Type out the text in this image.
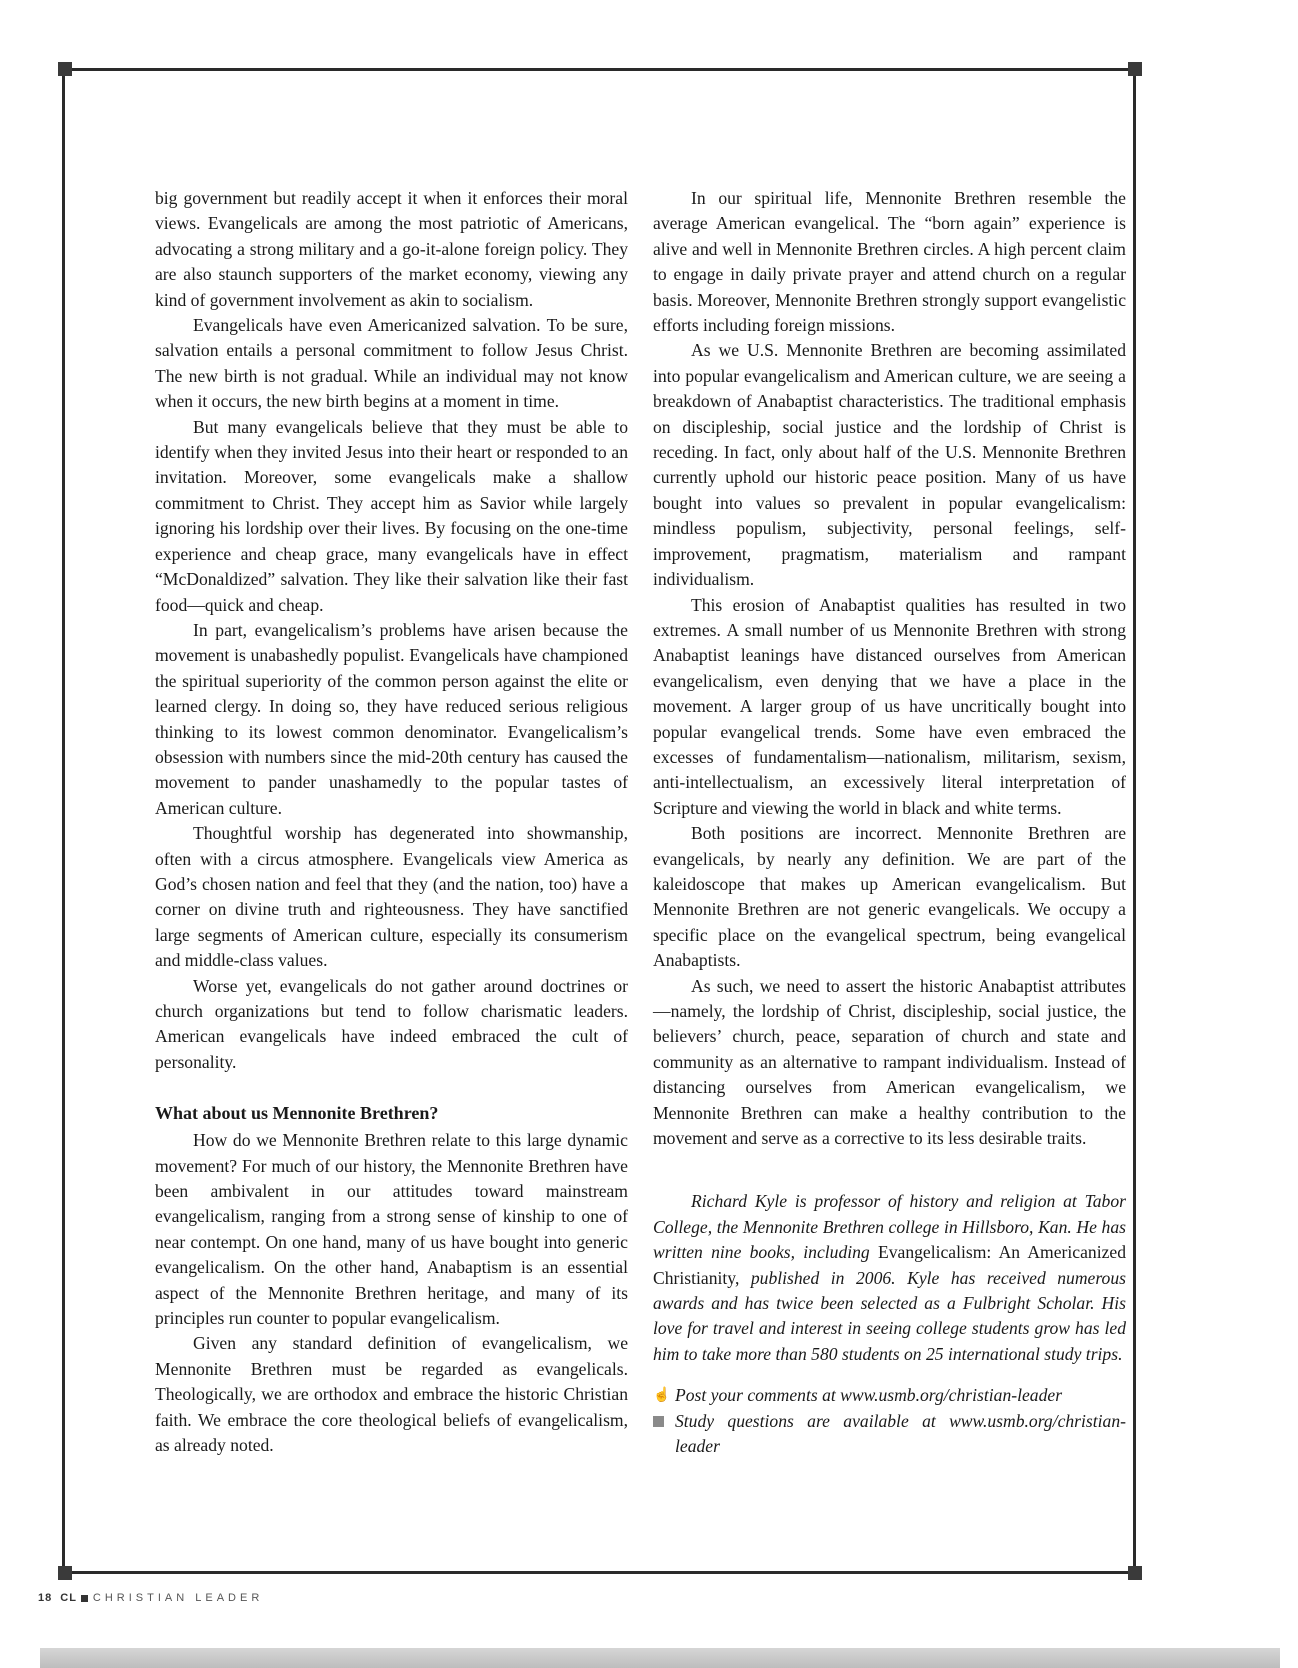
big government but readily accept it when it enforces their moral views. Evangelicals are among the most patriotic of Americans, advocating a strong military and a go-it-alone foreign policy. They are also staunch supporters of the market economy, viewing any kind of government involvement as akin to socialism.

Evangelicals have even Americanized salvation. To be sure, salvation entails a personal commitment to follow Jesus Christ. The new birth is not gradual. While an individual may not know when it occurs, the new birth begins at a moment in time.

But many evangelicals believe that they must be able to identify when they invited Jesus into their heart or responded to an invitation. Moreover, some evangelicals make a shallow commitment to Christ. They accept him as Savior while largely ignoring his lordship over their lives. By focusing on the one-time experience and cheap grace, many evangelicals have in effect “McDonaldized” salvation. They like their salvation like their fast food—quick and cheap.

In part, evangelicalism’s problems have arisen because the movement is unabashedly populist. Evangelicals have championed the spiritual superiority of the common person against the elite or learned clergy. In doing so, they have reduced serious religious thinking to its lowest common denominator. Evangelicalism’s obsession with numbers since the mid-20th century has caused the movement to pander unashamedly to the popular tastes of American culture.

Thoughtful worship has degenerated into showmanship, often with a circus atmosphere. Evangelicals view America as God’s chosen nation and feel that they (and the nation, too) have a corner on divine truth and righteousness. They have sanctified large segments of American culture, especially its consumerism and middle-class values.

Worse yet, evangelicals do not gather around doctrines or church organizations but tend to follow charismatic leaders. American evangelicals have indeed embraced the cult of personality.

What about us Mennonite Brethren?

How do we Mennonite Brethren relate to this large dynamic movement? For much of our history, the Mennonite Brethren have been ambivalent in our attitudes toward mainstream evangelicalism, ranging from a strong sense of kinship to one of near contempt. On one hand, many of us have bought into generic evangelicalism. On the other hand, Anabaptism is an essential aspect of the Mennonite Brethren heritage, and many of its principles run counter to popular evangelicalism.

Given any standard definition of evangelicalism, we Mennonite Brethren must be regarded as evangelicals. Theologically, we are orthodox and embrace the historic Christian faith. We embrace the core theological beliefs of evangelicalism, as already noted.

In our spiritual life, Mennonite Brethren resemble the average American evangelical. The “born again” experience is alive and well in Mennonite Brethren circles. A high percent claim to engage in daily private prayer and attend church on a regular basis. Moreover, Mennonite Brethren strongly support evangelistic efforts including foreign missions.

As we U.S. Mennonite Brethren are becoming assimilated into popular evangelicalism and American culture, we are seeing a breakdown of Anabaptist characteristics. The traditional emphasis on discipleship, social justice and the lordship of Christ is receding. In fact, only about half of the U.S. Mennonite Brethren currently uphold our historic peace position. Many of us have bought into values so prevalent in popular evangelicalism: mindless populism, subjectivity, personal feelings, self-improvement, pragmatism, materialism and rampant individualism.

This erosion of Anabaptist qualities has resulted in two extremes. A small number of us Mennonite Brethren with strong Anabaptist leanings have distanced ourselves from American evangelicalism, even denying that we have a place in the movement. A larger group of us have uncritically bought into popular evangelical trends. Some have even embraced the excesses of fundamentalism—nationalism, militarism, sexism, anti-intellectualism, an excessively literal interpretation of Scripture and viewing the world in black and white terms.

Both positions are incorrect. Mennonite Brethren are evangelicals, by nearly any definition. We are part of the kaleidoscope that makes up American evangelicalism. But Mennonite Brethren are not generic evangelicals. We occupy a specific place on the evangelical spectrum, being evangelical Anabaptists.

As such, we need to assert the historic Anabaptist attributes—namely, the lordship of Christ, discipleship, social justice, the believers’ church, peace, separation of church and state and community as an alternative to rampant individualism. Instead of distancing ourselves from American evangelicalism, we Mennonite Brethren can make a healthy contribution to the movement and serve as a corrective to its less desirable traits.

Richard Kyle is professor of history and religion at Tabor College, the Mennonite Brethren college in Hillsboro, Kan. He has written nine books, including Evangelicalism: An Americanized Christianity, published in 2006. Kyle has received numerous awards and has twice been selected as a Fulbright Scholar. His love for travel and interest in seeing college students grow has led him to take more than 580 students on 25 international study trips.

☝ Post your comments at www.usmb.org/christian-leader
Study questions are available at www.usmb.org/christian-leader
18 CL CHRISTIAN LEADER
